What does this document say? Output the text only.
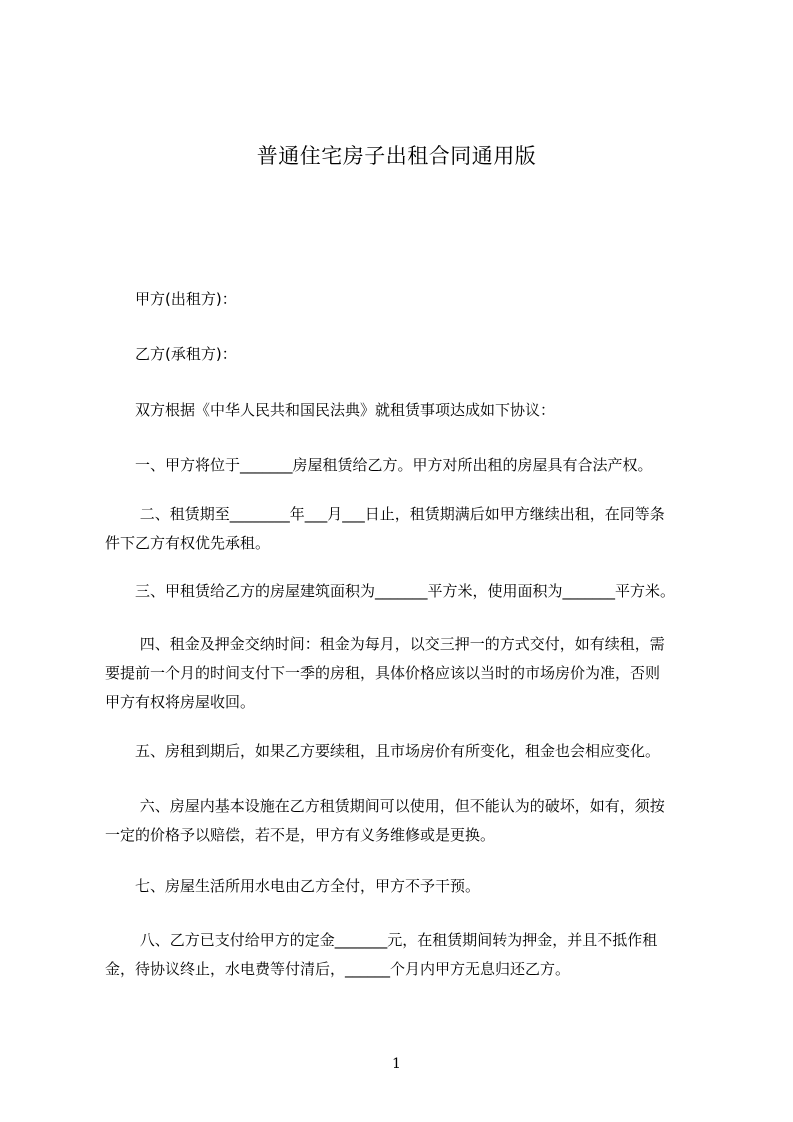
普通住宅房子出租合同通用版
　　甲方(出租方)：
　　乙方(承租方)：
　　双方根据《中华人民共和国民法典》就租赁事项达成如下协议：
　　一、甲方将位于_______房屋租赁给乙方。甲方对所出租的房屋具有合法产权。
　　 二、租赁期至________年___月___日止，租赁期满后如甲方继续出租，在同等条
件下乙方有权优先承租。
　　三、甲租赁给乙方的房屋建筑面积为_______平方米，使用面积为_______平方米。
　　 四、租金及押金交纳时间：租金为每月，以交三押一的方式交付，如有续租，需
要提前一个月的时间支付下一季的房租，具体价格应该以当时的市场房价为准，否则
甲方有权将房屋收回。
　　五、房租到期后，如果乙方要续租，且市场房价有所变化，租金也会相应变化。
　　 六、房屋内基本设施在乙方租赁期间可以使用，但不能认为的破坏，如有，须按
一定的价格予以赔偿，若不是，甲方有义务维修或是更换。
　　七、房屋生活所用水电由乙方全付，甲方不予干预。
　　 八、乙方已支付给甲方的定金_______元，在租赁期间转为押金，并且不抵作租
金，待协议终止，水电费等付清后，______个月内甲方无息归还乙方。
1
